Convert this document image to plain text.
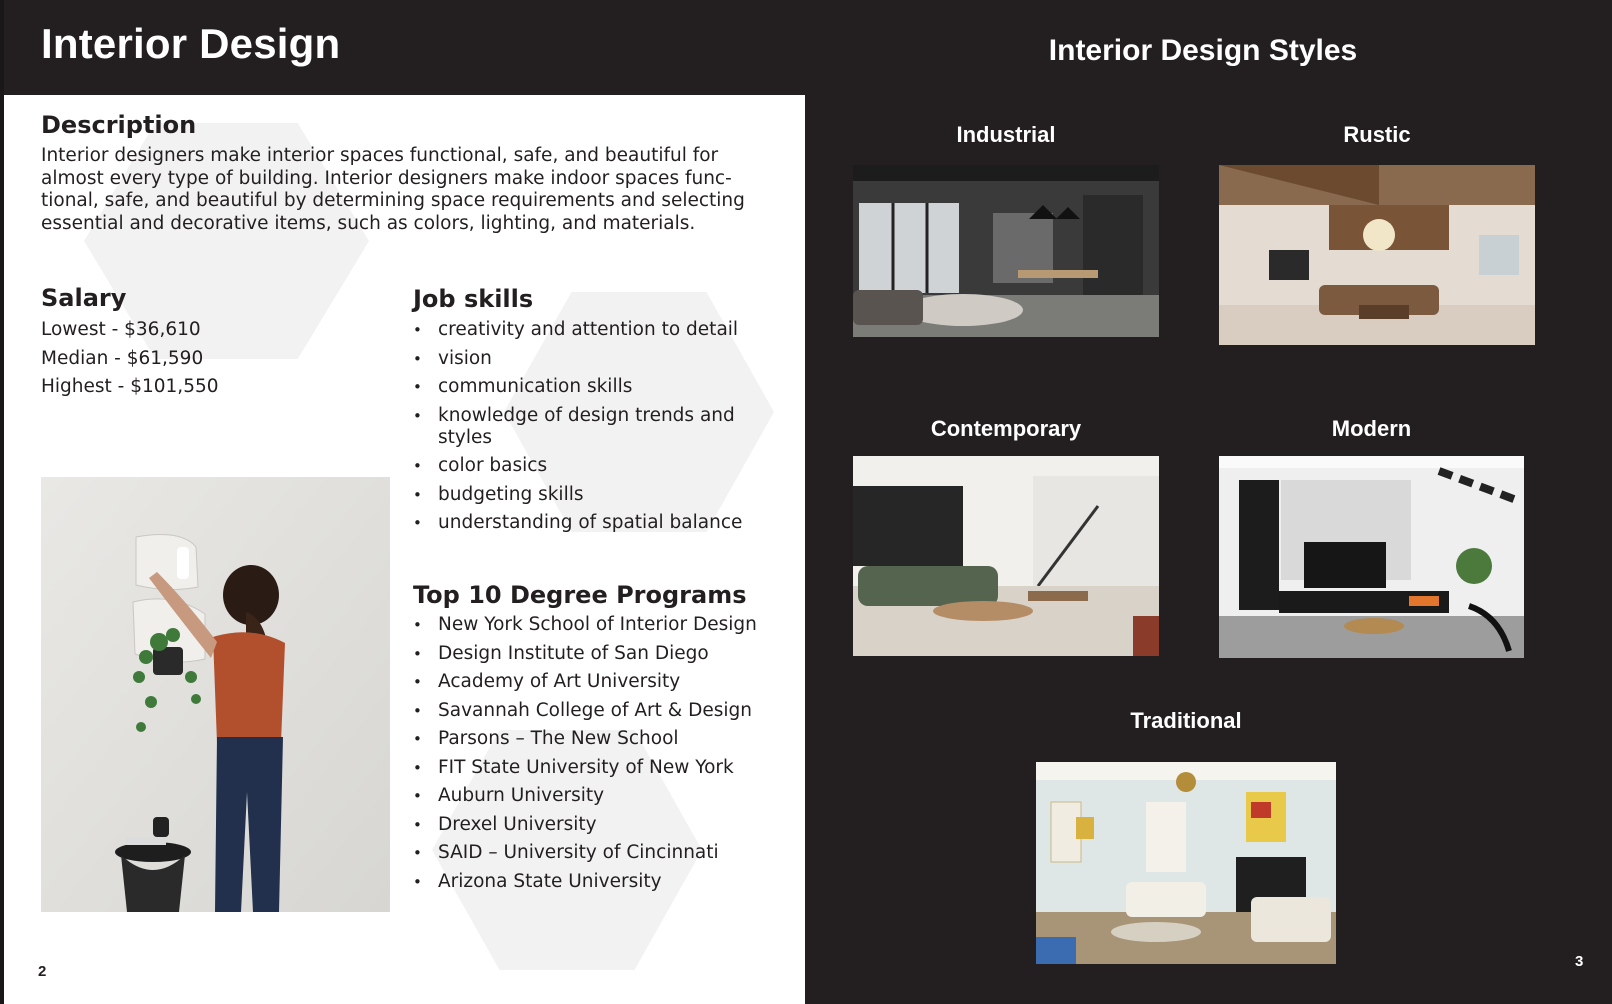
Interior Design
2
Description
Interior designers make interior spaces functional, safe, and beautiful for almost every type of building. Interior designers make indoor spaces func-tional, safe, and beautiful by determining space requirements and selecting essential and decorative items, such as colors, lighting, and materials.
Salary
Lowest - $36,610
Median - $61,590
Highest - $101,550
Job skills
• creativity and attention to detail
• vision
• communication skills
• knowledge of design trends and styles
• color basics
• budgeting skills
• understanding of spatial balance
Top 10 Degree Programs
• New York School of Interior Design
• Design Institute of San Diego
• Academy of Art University
• Savannah College of Art & Design
• Parsons – The New School
• FIT State University of New York
• Auburn University
• Drexel University
• SAID – University of Cincinnati
• Arizona State University
Interior Design Styles
Industrial	Rustic
Contemporary	Modern
Traditional
3
